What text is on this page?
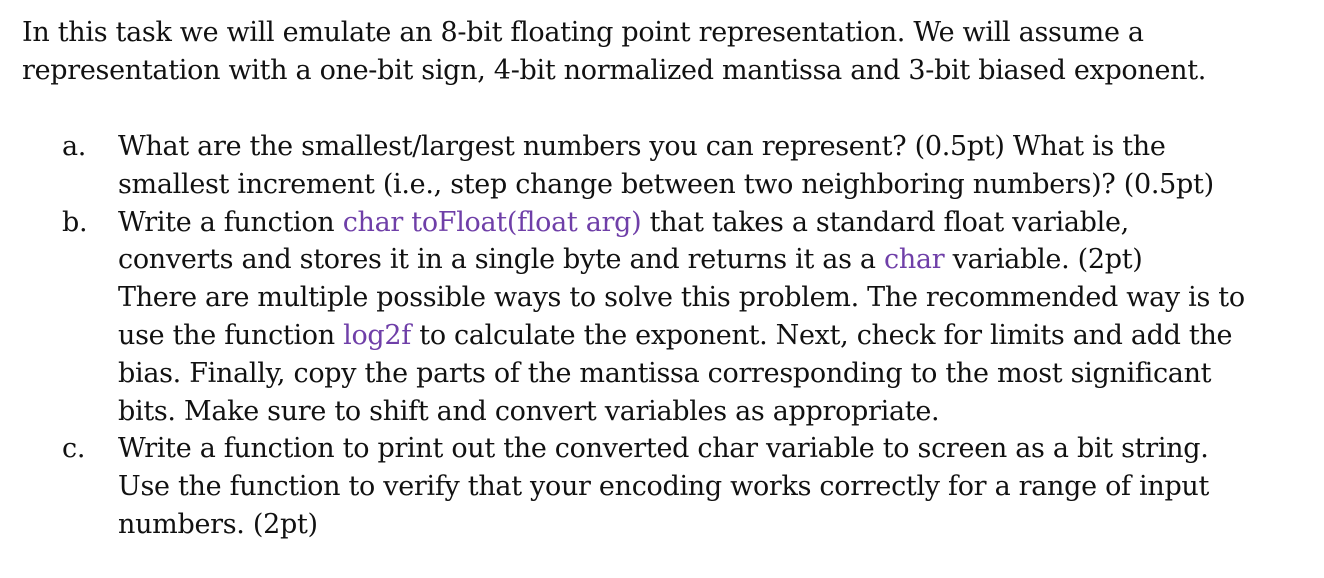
In this task we will emulate an 8-bit floating point representation. We will assume a
representation with a one-bit sign, 4-bit normalized mantissa and 3-bit biased exponent.
a. What are the smallest/largest numbers you can represent? (0.5pt) What is the
smallest increment (i.e., step change between two neighboring numbers)? (0.5pt)
b. Write a function char toFloat(float arg) that takes a standard float variable,
converts and stores it in a single byte and returns it as a char variable. (2pt)
There are multiple possible ways to solve this problem. The recommended way is to
use the function log2f to calculate the exponent. Next, check for limits and add the
bias. Finally, copy the parts of the mantissa corresponding to the most significant
bits. Make sure to shift and convert variables as appropriate.
c. Write a function to print out the converted char variable to screen as a bit string.
Use the function to verify that your encoding works correctly for a range of input
numbers. (2pt)
